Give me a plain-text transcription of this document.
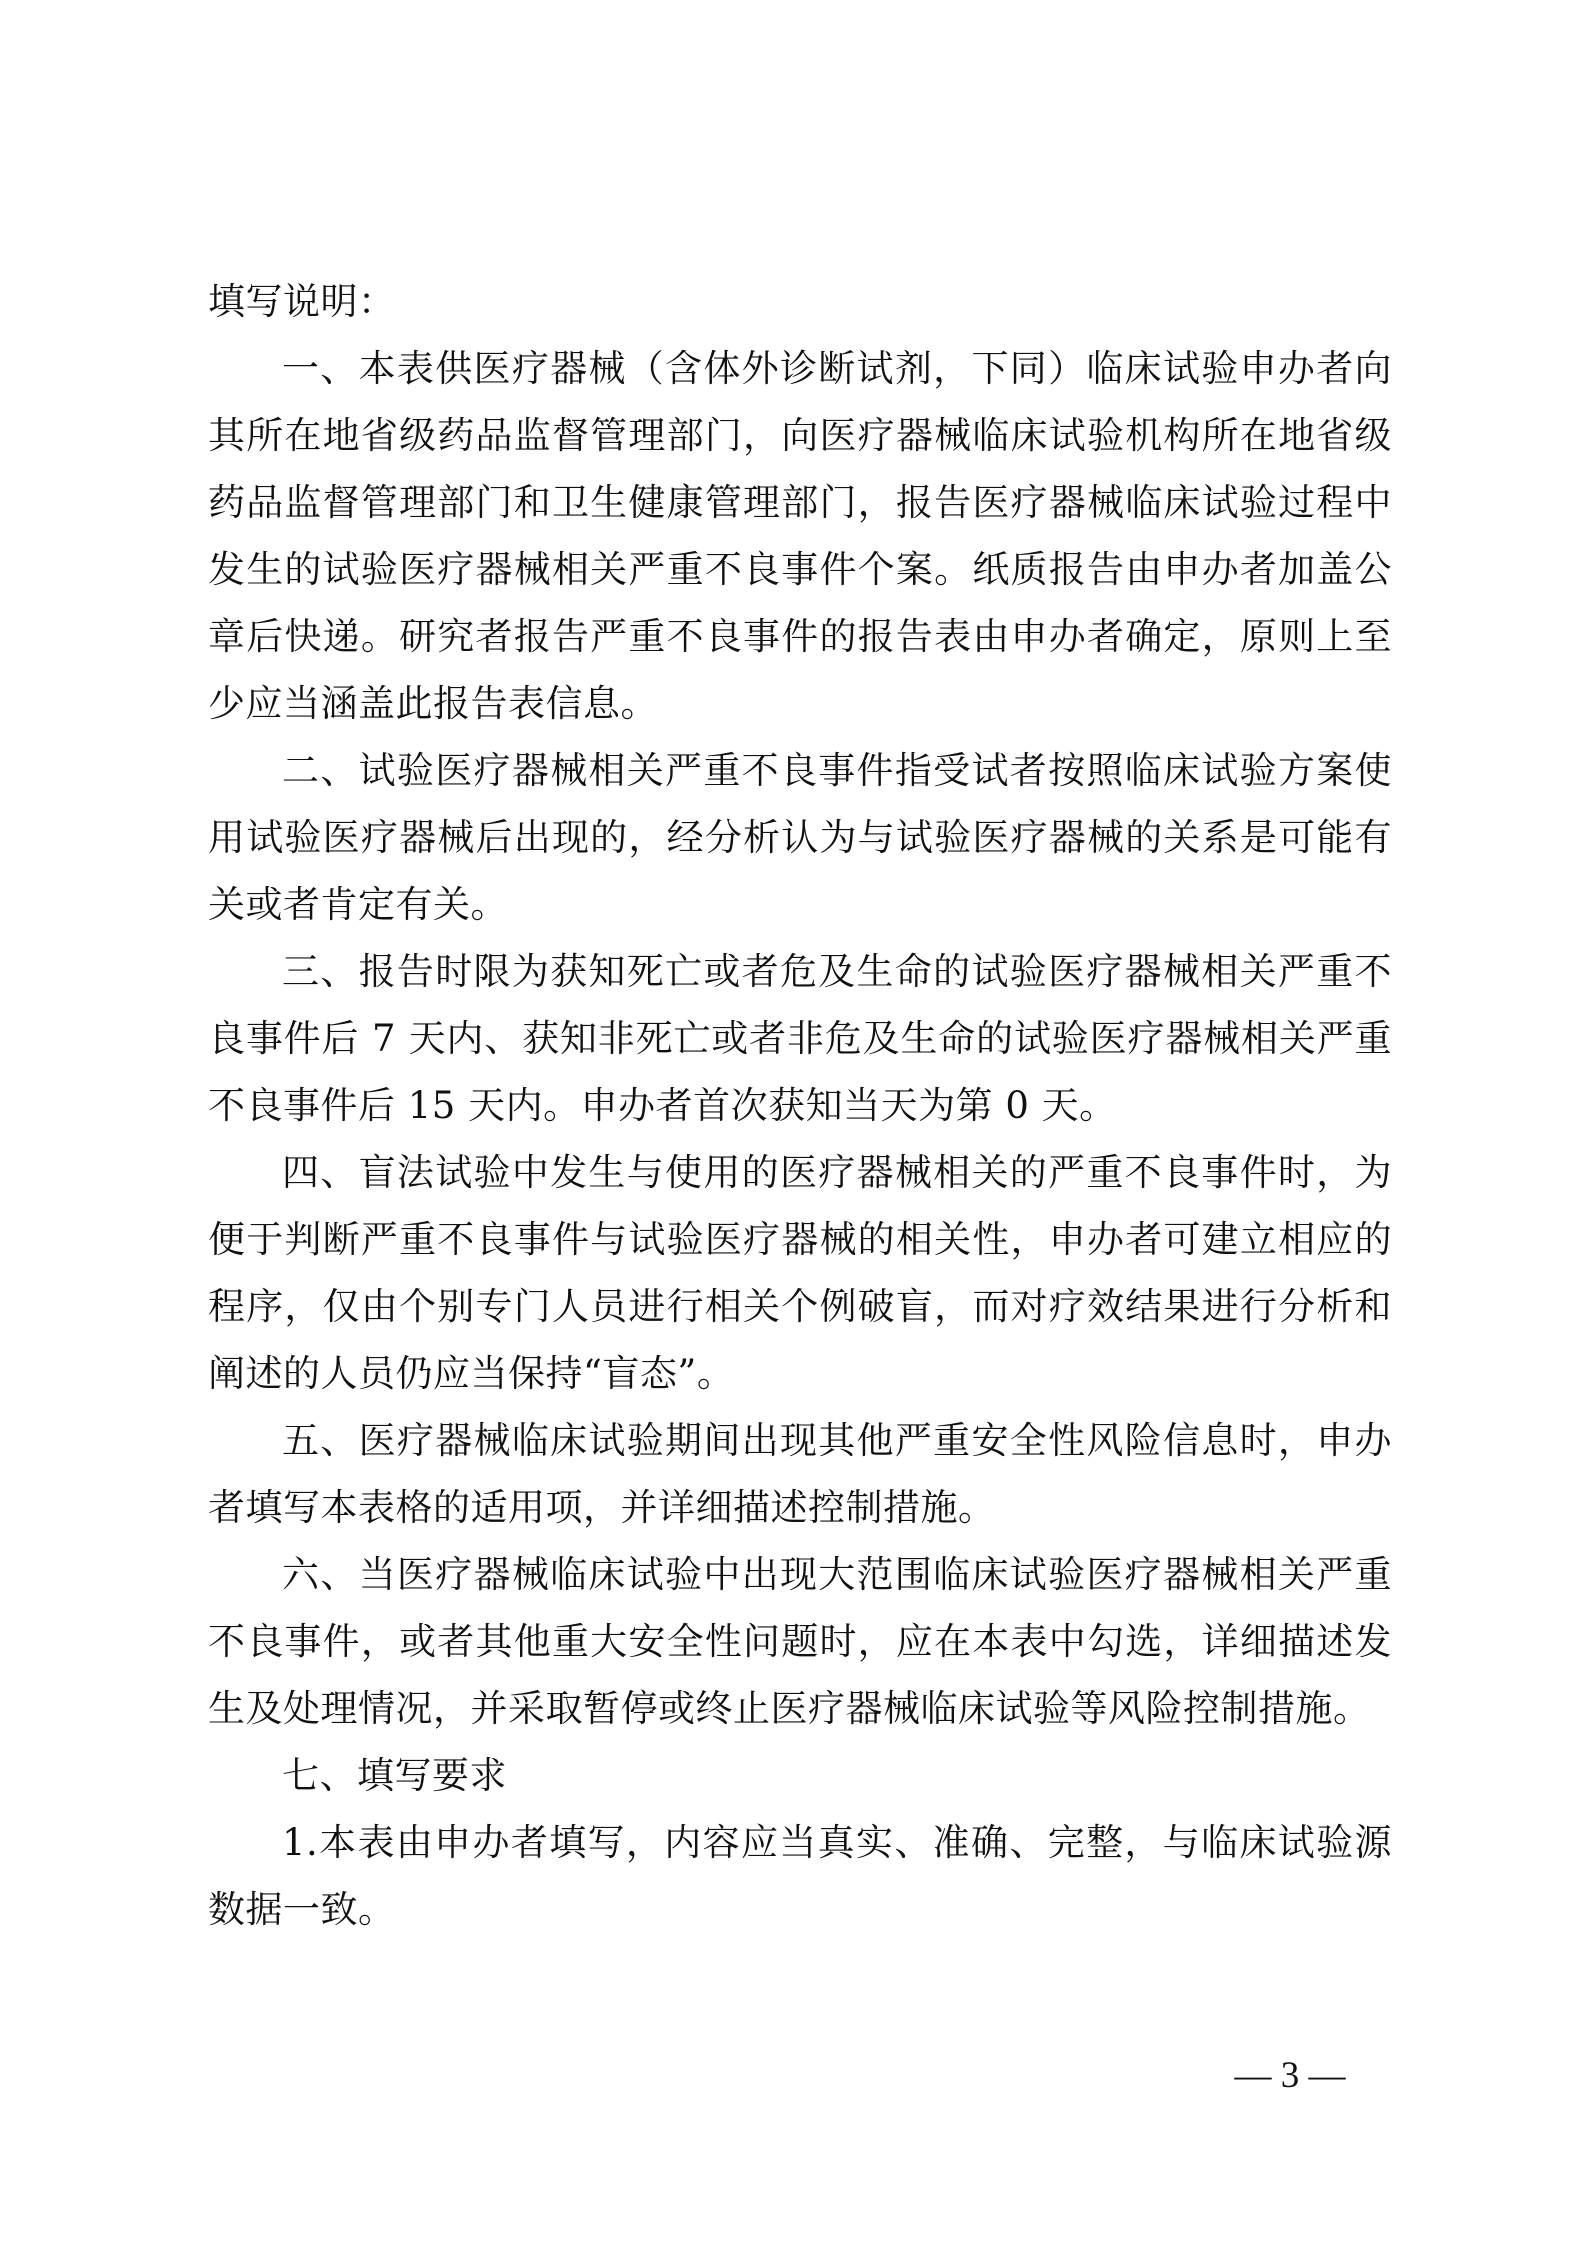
填写说明：

一、本表供医疗器械（含体外诊断试剂，下同）临床试验申办者向其所在地省级药品监督管理部门，向医疗器械临床试验机构所在地省级药品监督管理部门和卫生健康管理部门，报告医疗器械临床试验过程中发生的试验医疗器械相关严重不良事件个案。纸质报告由申办者加盖公章后快递。研究者报告严重不良事件的报告表由申办者确定，原则上至少应当涵盖此报告表信息。

二、试验医疗器械相关严重不良事件指受试者按照临床试验方案使用试验医疗器械后出现的，经分析认为与试验医疗器械的关系是可能有关或者肯定有关。

三、报告时限为获知死亡或者危及生命的试验医疗器械相关严重不良事件后 7 天内、获知非死亡或者非危及生命的试验医疗器械相关严重不良事件后 15 天内。申办者首次获知当天为第 0 天。

四、盲法试验中发生与使用的医疗器械相关的严重不良事件时，为便于判断严重不良事件与试验医疗器械的相关性，申办者可建立相应的程序，仅由个别专门人员进行相关个例破盲，而对疗效结果进行分析和阐述的人员仍应当保持“盲态”。

五、医疗器械临床试验期间出现其他严重安全性风险信息时，申办者填写本表格的适用项，并详细描述控制措施。

六、当医疗器械临床试验中出现大范围临床试验医疗器械相关严重不良事件，或者其他重大安全性问题时，应在本表中勾选，详细描述发生及处理情况，并采取暂停或终止医疗器械临床试验等风险控制措施。

七、填写要求

1.本表由申办者填写，内容应当真实、准确、完整，与临床试验源数据一致。

— 3 —
